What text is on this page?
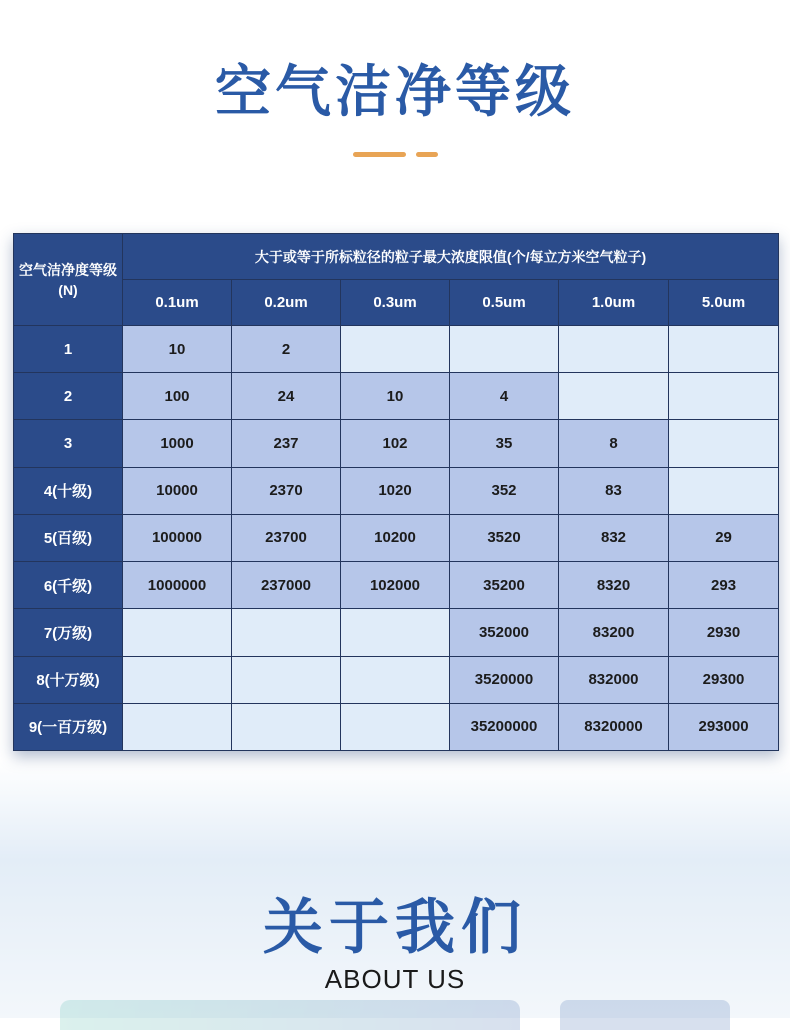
空气洁净等级
空气洁净度等级(N)	大于或等于所标粒径的粒子最大浓度限值(个/每立方米空气粒子)					
	0.1um	0.2um	0.3um	0.5um	1.0um	5.0um
1	10	2				
2	100	24	10	4		
3	1000	237	102	35	8	
4(十级)	10000	2370	1020	352	83	
5(百级)	100000	23700	10200	3520	832	29
6(千级)	1000000	237000	102000	35200	8320	293
7(万级)				352000	83200	2930
8(十万级)				3520000	832000	29300
9(一百万级)				35200000	8320000	293000
关于我们
ABOUT US
